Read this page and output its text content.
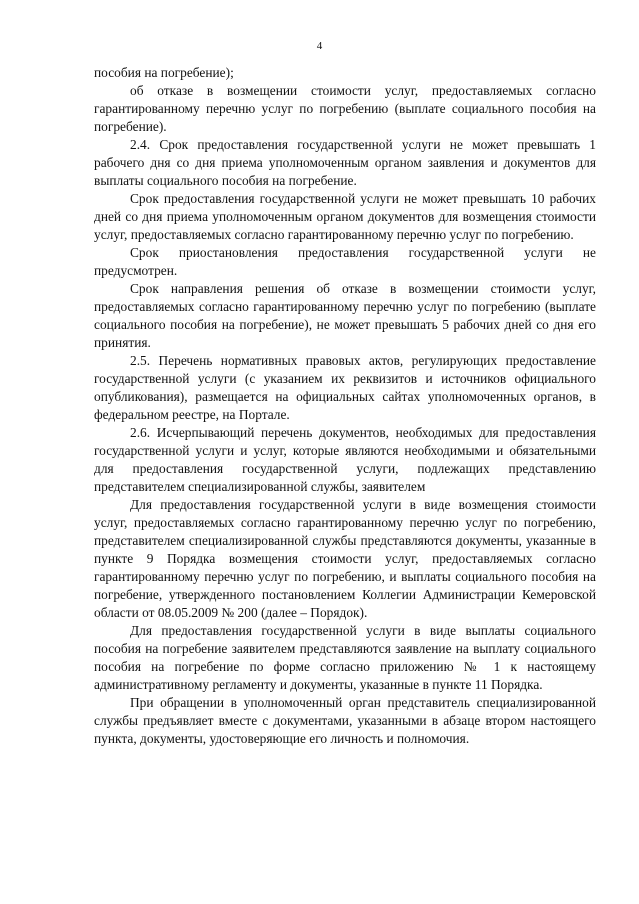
4

пособия на погребение);

об отказе в возмещении стоимости услуг, предоставляемых согласно гарантированному перечню услуг по погребению (выплате социального пособия на погребение).

2.4. Срок предоставления государственной услуги не может превышать 1 рабочего дня со дня приема уполномоченным органом заявления и документов для выплаты социального пособия на погребение.

Срок предоставления государственной услуги не может превышать 10 рабочих дней со дня приема уполномоченным органом документов для возмещения стоимости услуг, предоставляемых согласно гарантированному перечню услуг по погребению.

Срок приостановления предоставления государственной услуги не предусмотрен.

Срок направления решения об отказе в возмещении стоимости услуг, предоставляемых согласно гарантированному перечню услуг по погребению (выплате социального пособия на погребение), не может превышать 5 рабочих дней со дня его принятия.

2.5. Перечень нормативных правовых актов, регулирующих предоставление государственной услуги (с указанием их реквизитов и источников официального опубликования), размещается на официальных сайтах уполномоченных органов, в федеральном реестре, на Портале.

2.6. Исчерпывающий перечень документов, необходимых для предоставления государственной услуги и услуг, которые являются необходимыми и обязательными для предоставления государственной услуги, подлежащих представлению представителем специализированной службы, заявителем

Для предоставления государственной услуги в виде возмещения стоимости услуг, предоставляемых согласно гарантированному перечню услуг по погребению, представителем специализированной службы представляются документы, указанные в пункте 9 Порядка возмещения стоимости услуг, предоставляемых согласно гарантированному перечню услуг по погребению, и выплаты социального пособия на погребение, утвержденного постановлением Коллегии Администрации Кемеровской области от 08.05.2009 № 200 (далее – Порядок).

Для предоставления государственной услуги в виде выплаты социального пособия на погребение заявителем представляются заявление на выплату социального пособия на погребение по форме согласно приложению № 1 к настоящему административному регламенту и документы, указанные в пункте 11 Порядка.

При обращении в уполномоченный орган представитель специализированной службы предъявляет вместе с документами, указанными в абзаце втором настоящего пункта, документы, удостоверяющие его личность и полномочия.
